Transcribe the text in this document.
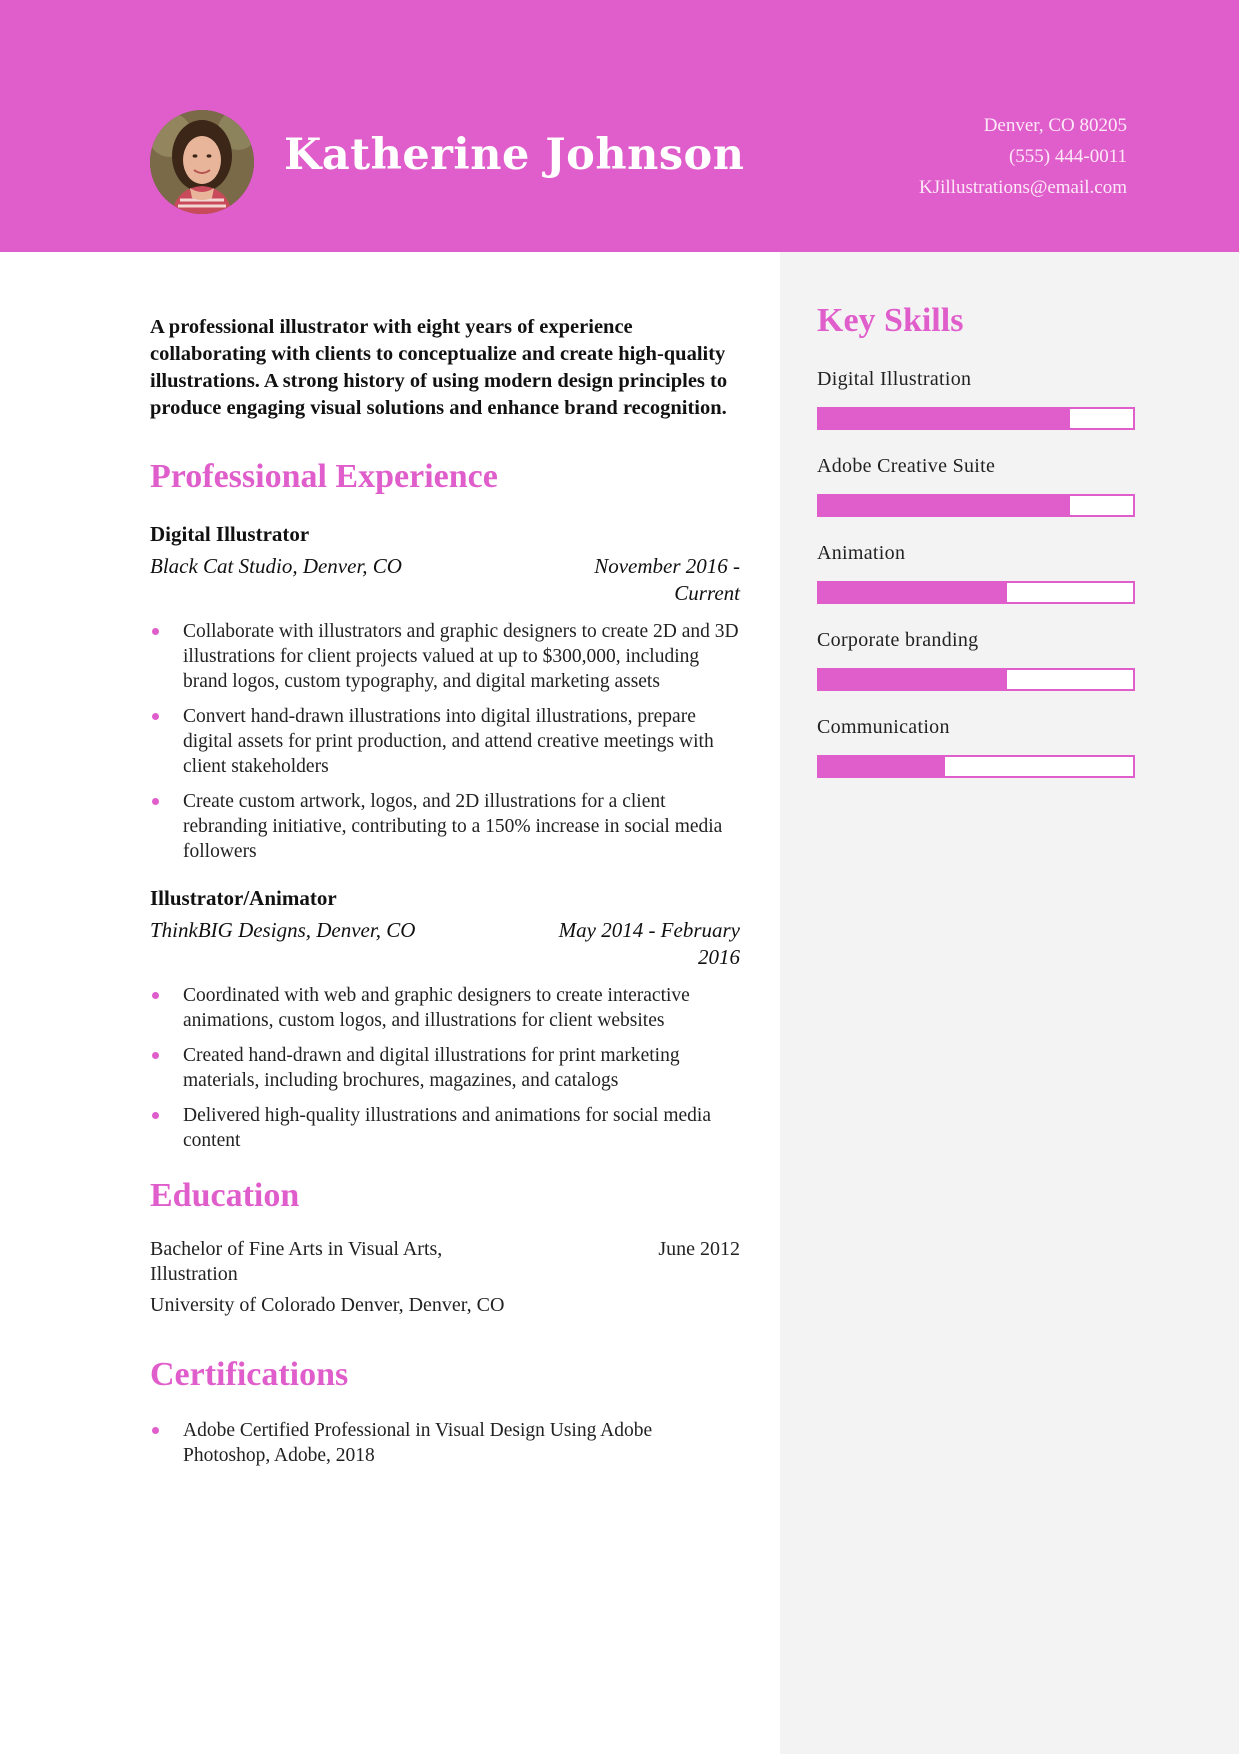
Katherine Johnson
Denver, CO 80205
(555) 444-0011
KJillustrations@email.com
Key Skills
Digital Illustration
Adobe Creative Suite
Animation
Corporate branding
Communication

A professional illustrator with eight years of experience collaborating with clients to conceptualize and create high-quality illustrations. A strong history of using modern design principles to produce engaging visual solutions and enhance brand recognition.

Professional Experience
Digital Illustrator
Black Cat Studio, Denver, CO	November 2016 - Current
Collaborate with illustrators and graphic designers to create 2D and 3D illustrations for client projects valued at up to $300,000, including brand logos, custom typography, and digital marketing assets
Convert hand-drawn illustrations into digital illustrations, prepare digital assets for print production, and attend creative meetings with client stakeholders
Create custom artwork, logos, and 2D illustrations for a client rebranding initiative, contributing to a 150% increase in social media followers
Illustrator/Animator
ThinkBIG Designs, Denver, CO	May 2014 - February 2016
Coordinated with web and graphic designers to create interactive animations, custom logos, and illustrations for client websites
Created hand-drawn and digital illustrations for print marketing materials, including brochures, magazines, and catalogs
Delivered high-quality illustrations and animations for social media content
Education
Bachelor of Fine Arts in Visual Arts, Illustration
June 2012
University of Colorado Denver, Denver, CO
Certifications
Adobe Certified Professional in Visual Design Using Adobe Photoshop, Adobe, 2018
